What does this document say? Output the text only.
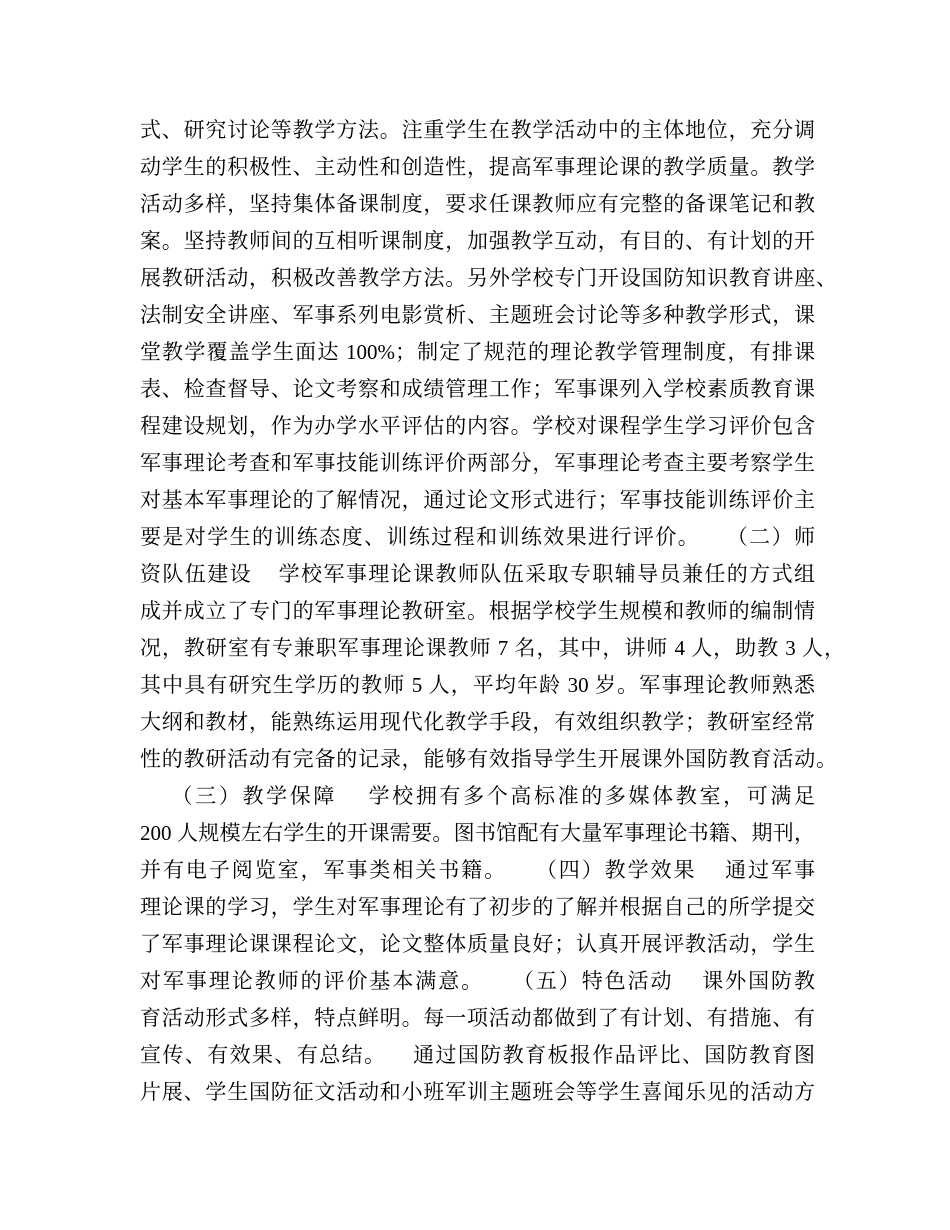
式、研究讨论等教学方法。注重学生在教学活动中的主体地位，充分调
动学生的积极性、主动性和创造性，提高军事理论课的教学质量。教学
活动多样，坚持集体备课制度，要求任课教师应有完整的备课笔记和教
案。坚持教师间的互相听课制度，加强教学互动，有目的、有计划的开
展教研活动，积极改善教学方法。另外学校专门开设国防知识教育讲座、
法制安全讲座、军事系列电影赏析、主题班会讨论等多种教学形式，课
堂教学覆盖学生面达 100%；制定了规范的理论教学管理制度，有排课
表、检查督导、论文考察和成绩管理工作；军事课列入学校素质教育课
程建设规划，作为办学水平评估的内容。学校对课程学生学习评价包含
军事理论考查和军事技能训练评价两部分，军事理论考查主要考察学生
对基本军事理论的了解情况，通过论文形式进行；军事技能训练评价主
要是对学生的训练态度、训练过程和训练效果进行评价。    （二）师
资队伍建设    学校军事理论课教师队伍采取专职辅导员兼任的方式组
成并成立了专门的军事理论教研室。根据学校学生规模和教师的编制情
况，教研室有专兼职军事理论课教师 7 名，其中，讲师 4 人，助教 3 人，
其中具有研究生学历的教师 5 人，平均年龄 30 岁。军事理论教师熟悉
大纲和教材，能熟练运用现代化教学手段，有效组织教学；教研室经常
性的教研活动有完备的记录，能够有效指导学生开展课外国防教育活动。
（三）教学保障    学校拥有多个高标准的多媒体教室，可满足
200 人规模左右学生的开课需要。图书馆配有大量军事理论书籍、期刊，
并有电子阅览室，军事类相关书籍。    （四）教学效果    通过军事
理论课的学习，学生对军事理论有了初步的了解并根据自己的所学提交
了军事理论课课程论文，论文整体质量良好；认真开展评教活动，学生
对军事理论教师的评价基本满意。    （五）特色活动    课外国防教
育活动形式多样，特点鲜明。每一项活动都做到了有计划、有措施、有
宣传、有效果、有总结。    通过国防教育板报作品评比、国防教育图
片展、学生国防征文活动和小班军训主题班会等学生喜闻乐见的活动方
